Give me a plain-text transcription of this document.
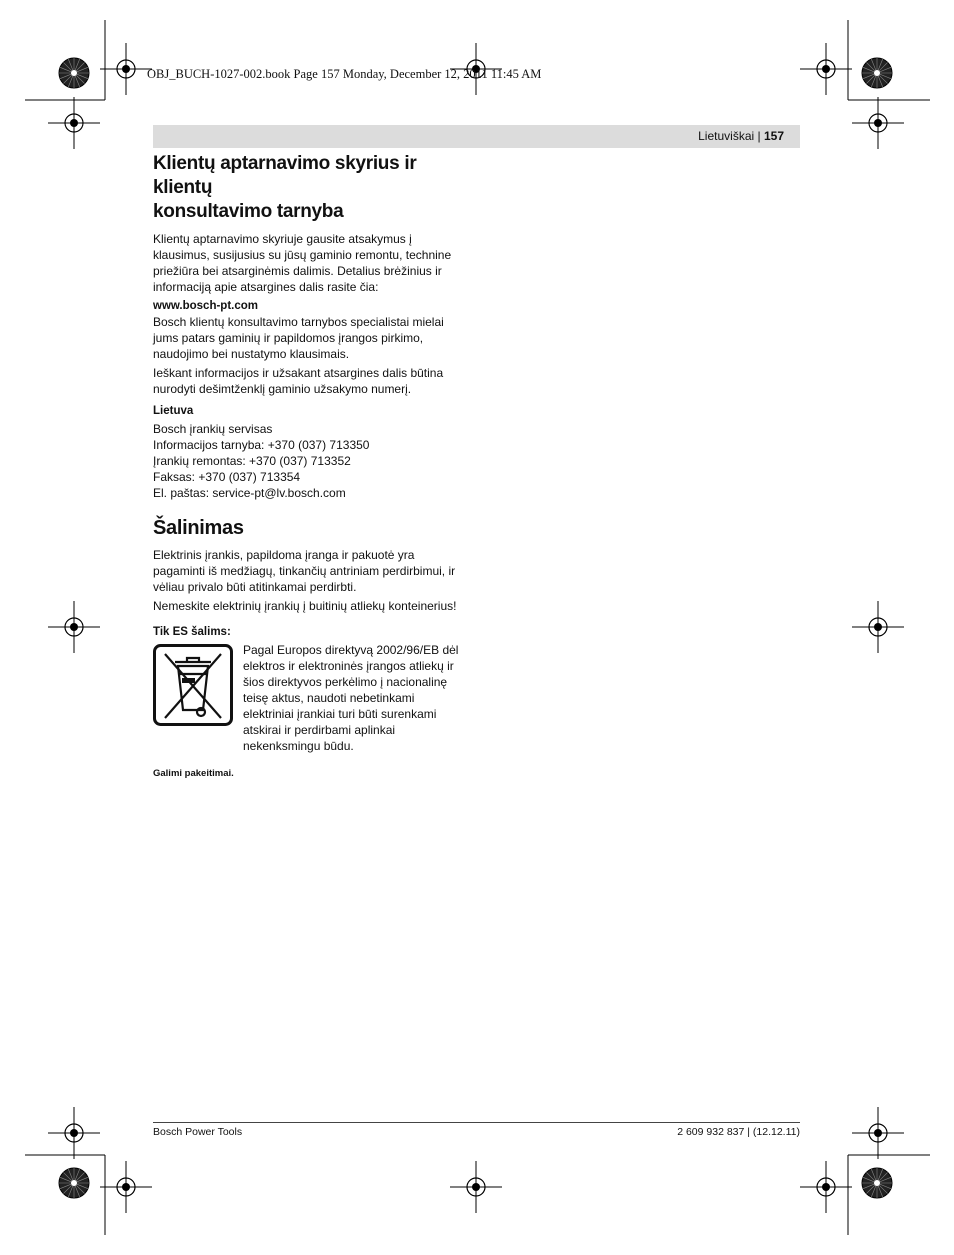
OBJ_BUCH-1027-002.book Page 157 Monday, December 12, 2011 11:45 AM
Lietuviškai | 157
Klientų aptarnavimo skyrius ir klientų
konsultavimo tarnyba

Klientų aptarnavimo skyriuje gausite atsakymus į klausimus, susijusius su jūsų gaminio remontu, technine priežiūra bei atsarginėmis dalimis. Detalius brėžinius ir informaciją apie atsargines dalis rasite čia:

www.bosch-pt.com

Bosch klientų konsultavimo tarnybos specialistai mielai jums patars gaminių ir papildomos įrangos pirkimo, naudojimo bei nustatymo klausimais.

Ieškant informacijos ir užsakant atsargines dalis būtina nurodyti dešimtženklį gaminio užsakymo numerį.

Lietuva
Bosch įrankių servisas
Informacijos tarnyba: +370 (037) 713350
Įrankių remontas: +370 (037) 713352
Faksas: +370 (037) 713354
El. paštas: service-pt@lv.bosch.com
Šalinimas

Elektrinis įrankis, papildoma įranga ir pakuotė yra pagaminti iš medžiagų, tinkančių antriniam perdirbimui, ir vėliau privalo būti atitinkamai perdirbti.

Nemeskite elektrinių įrankių į buitinių atliekų konteinerius!

Tik ES šalims:
Pagal Europos direktyvą 2002/96/EB dėl elektros ir elektroninės įrangos atliekų ir šios direktyvos perkėlimo į nacionalinę teisę aktus, naudoti nebetinkami elektriniai įrankiai turi būti surenkami atskirai ir perdirbami aplinkai nekenksmingu būdu.
Galimi pakeitimai.
Bosch Power Tools	2 609 932 837 | (12.12.11)
